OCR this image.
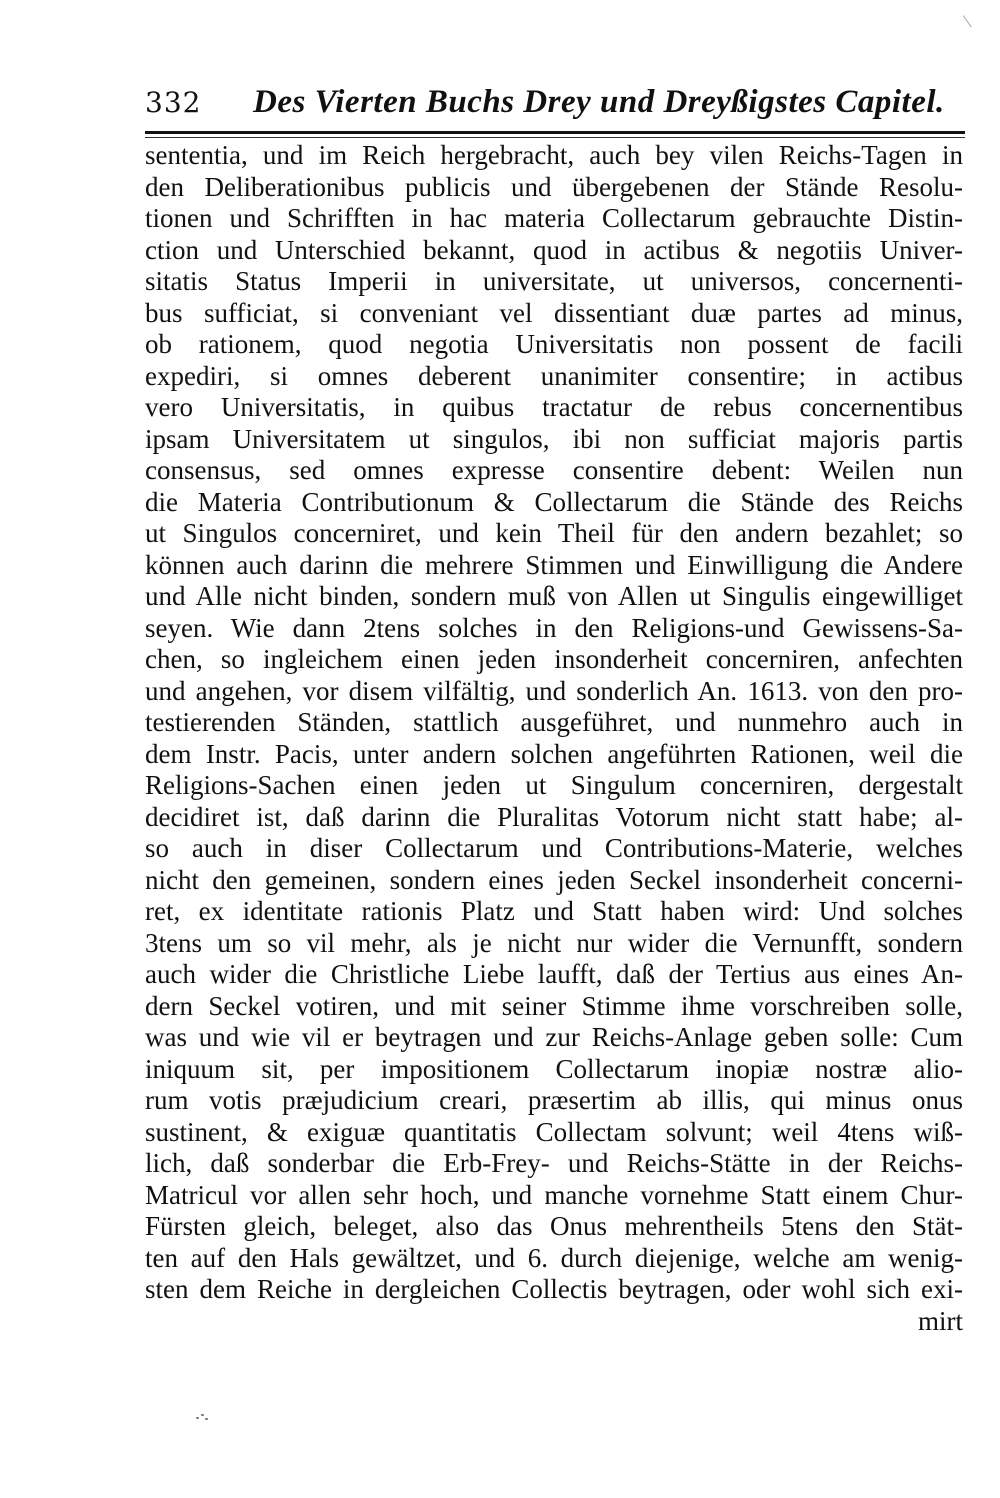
332 Des Vierten Buchs Drey und Dreyßigstes Capitel.
sententia, und im Reich hergebracht, auch bey vilen Reichs-Tagen in
den Deliberationibus publicis und übergebenen der Stände Resolu-
tionen und Schrifften in hac materia Collectarum gebrauchte Distin-
ction und Unterschied bekannt, quod in actibus & negotiis Univer-
sitatis Status Imperii in universitate, ut universos, concernenti-
bus sufficiat, si conveniant vel dissentiant duæ partes ad minus,
ob rationem, quod negotia Universitatis non possent de facili
expediri, si omnes deberent unanimiter consentire; in actibus
vero Universitatis, in quibus tractatur de rebus concernentibus
ipsam Universitatem ut singulos, ibi non sufficiat majoris partis
consensus, sed omnes expresse consentire debent: Weilen nun
die Materia Contributionum & Collectarum die Stände des Reichs
ut Singulos concerniret, und kein Theil für den andern bezahlet; so
können auch darinn die mehrere Stimmen und Einwilligung die Andere
und Alle nicht binden, sondern muß von Allen ut Singulis eingewilliget
seyen. Wie dann 2tens solches in den Religions-und Gewissens-Sa-
chen, so ingleichem einen jeden insonderheit concerniren, anfechten
und angehen, vor disem vilfältig, und sonderlich An. 1613. von den pro-
testierenden Ständen, stattlich ausgeführet, und nunmehro auch in
dem Instr. Pacis, unter andern solchen angeführten Rationen, weil die
Religions-Sachen einen jeden ut Singulum concerniren, dergestalt
decidiret ist, daß darinn die Pluralitas Votorum nicht statt habe; al-
so auch in diser Collectarum und Contributions-Materie, welches
nicht den gemeinen, sondern eines jeden Seckel insonderheit concerni-
ret, ex identitate rationis Platz und Statt haben wird: Und solches
3tens um so vil mehr, als je nicht nur wider die Vernunfft, sondern
auch wider die Christliche Liebe laufft, daß der Tertius aus eines An-
dern Seckel votiren, und mit seiner Stimme ihme vorschreiben solle,
was und wie vil er beytragen und zur Reichs-Anlage geben solle: Cum
iniquum sit, per impositionem Collectarum inopiæ nostræ alio-
rum votis præjudicium creari, præsertim ab illis, qui minus onus
sustinent, & exiguæ quantitatis Collectam solvunt; weil 4tens wiß-
lich, daß sonderbar die Erb-Frey- und Reichs-Stätte in der Reichs-
Matricul vor allen sehr hoch, und manche vornehme Statt einem Chur-
Fürsten gleich, beleget, also das Onus mehrentheils 5tens den Stät-
ten auf den Hals gewältzet, und 6. durch diejenige, welche am wenig-
sten dem Reiche in dergleichen Collectis beytragen, oder wohl sich exi-
mirt
